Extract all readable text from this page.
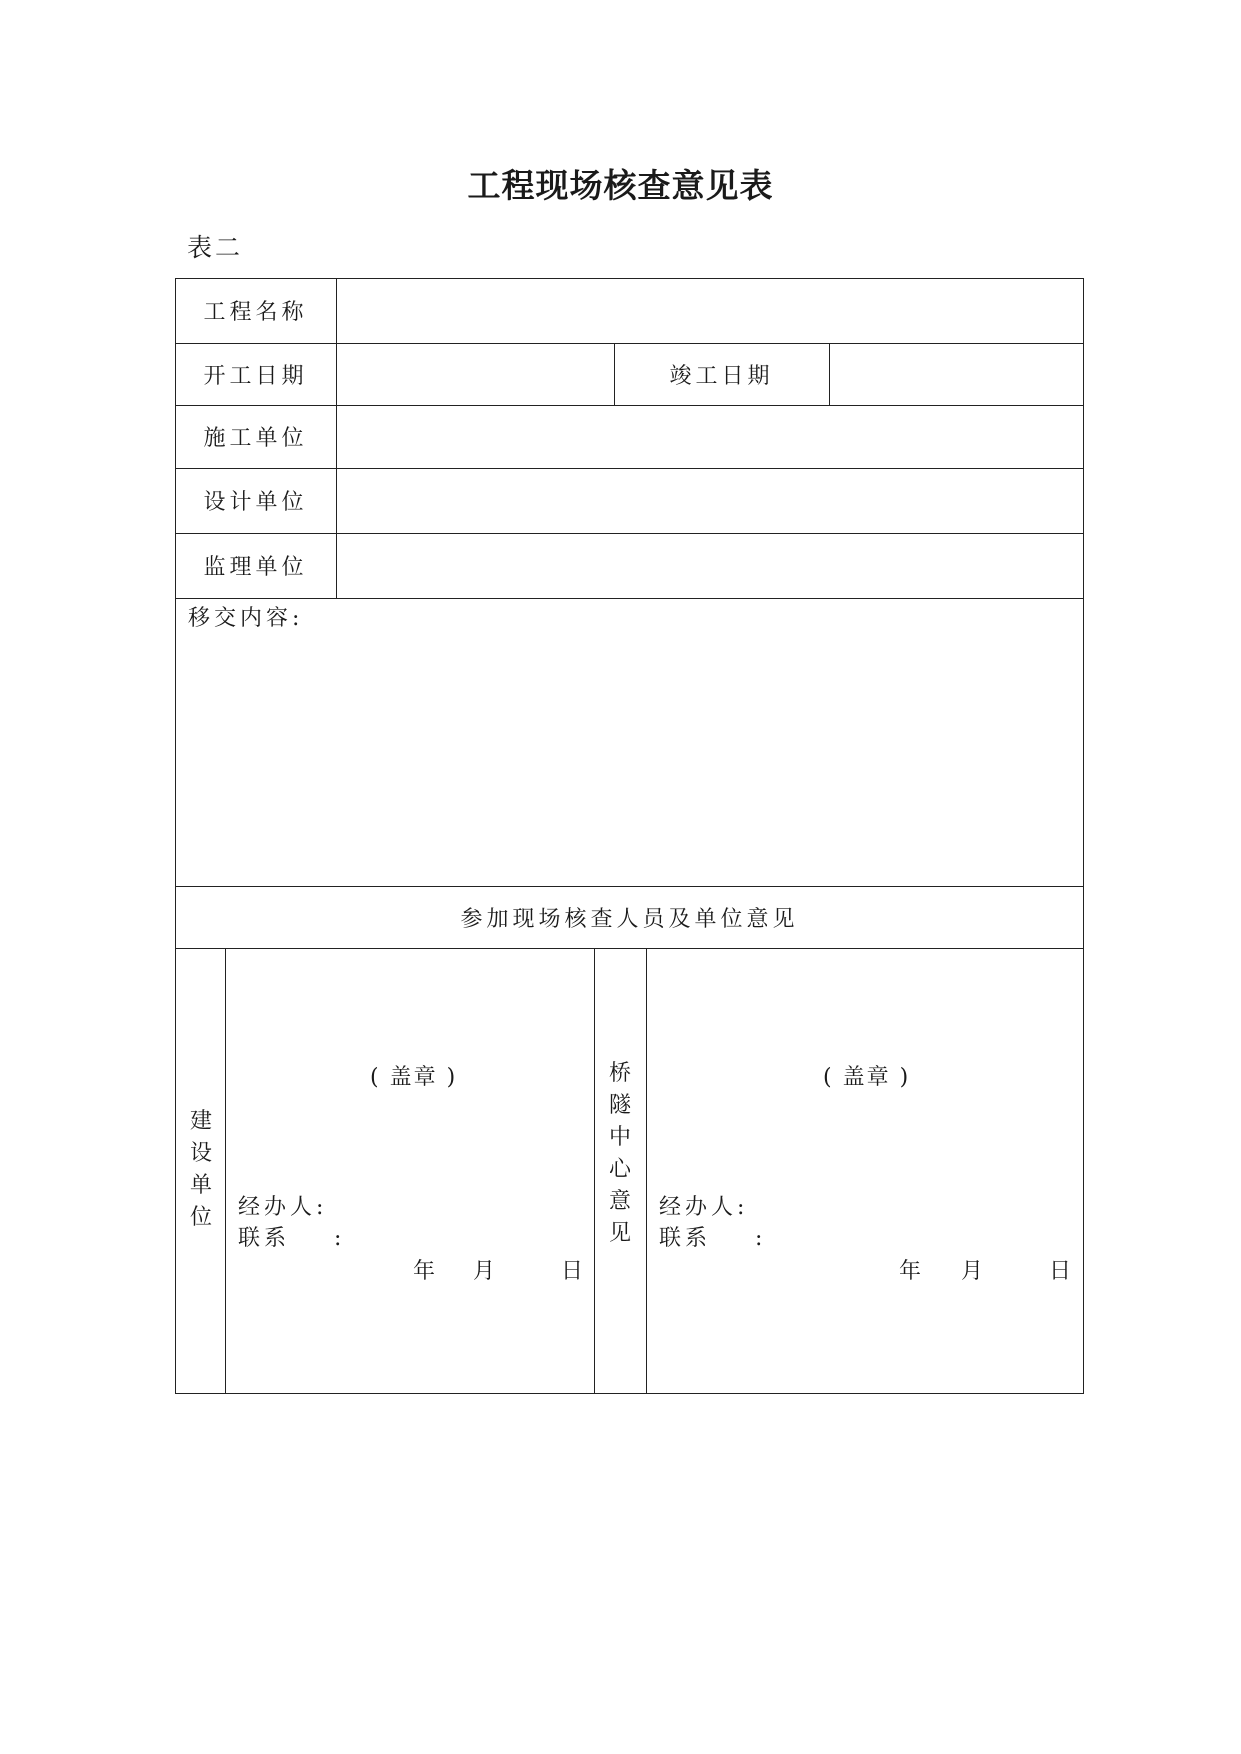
工程现场核查意见表
表二
工程名称
开工日期	竣工日期
施工单位
设计单位
监理单位
移交内容:
参加现场核查人员及单位意见
建设单位
( 盖章 )
经办人:
联系    :
年 月	日
桥隧中心意见
( 盖章 )
经办人:
联系    :
年 月	日
